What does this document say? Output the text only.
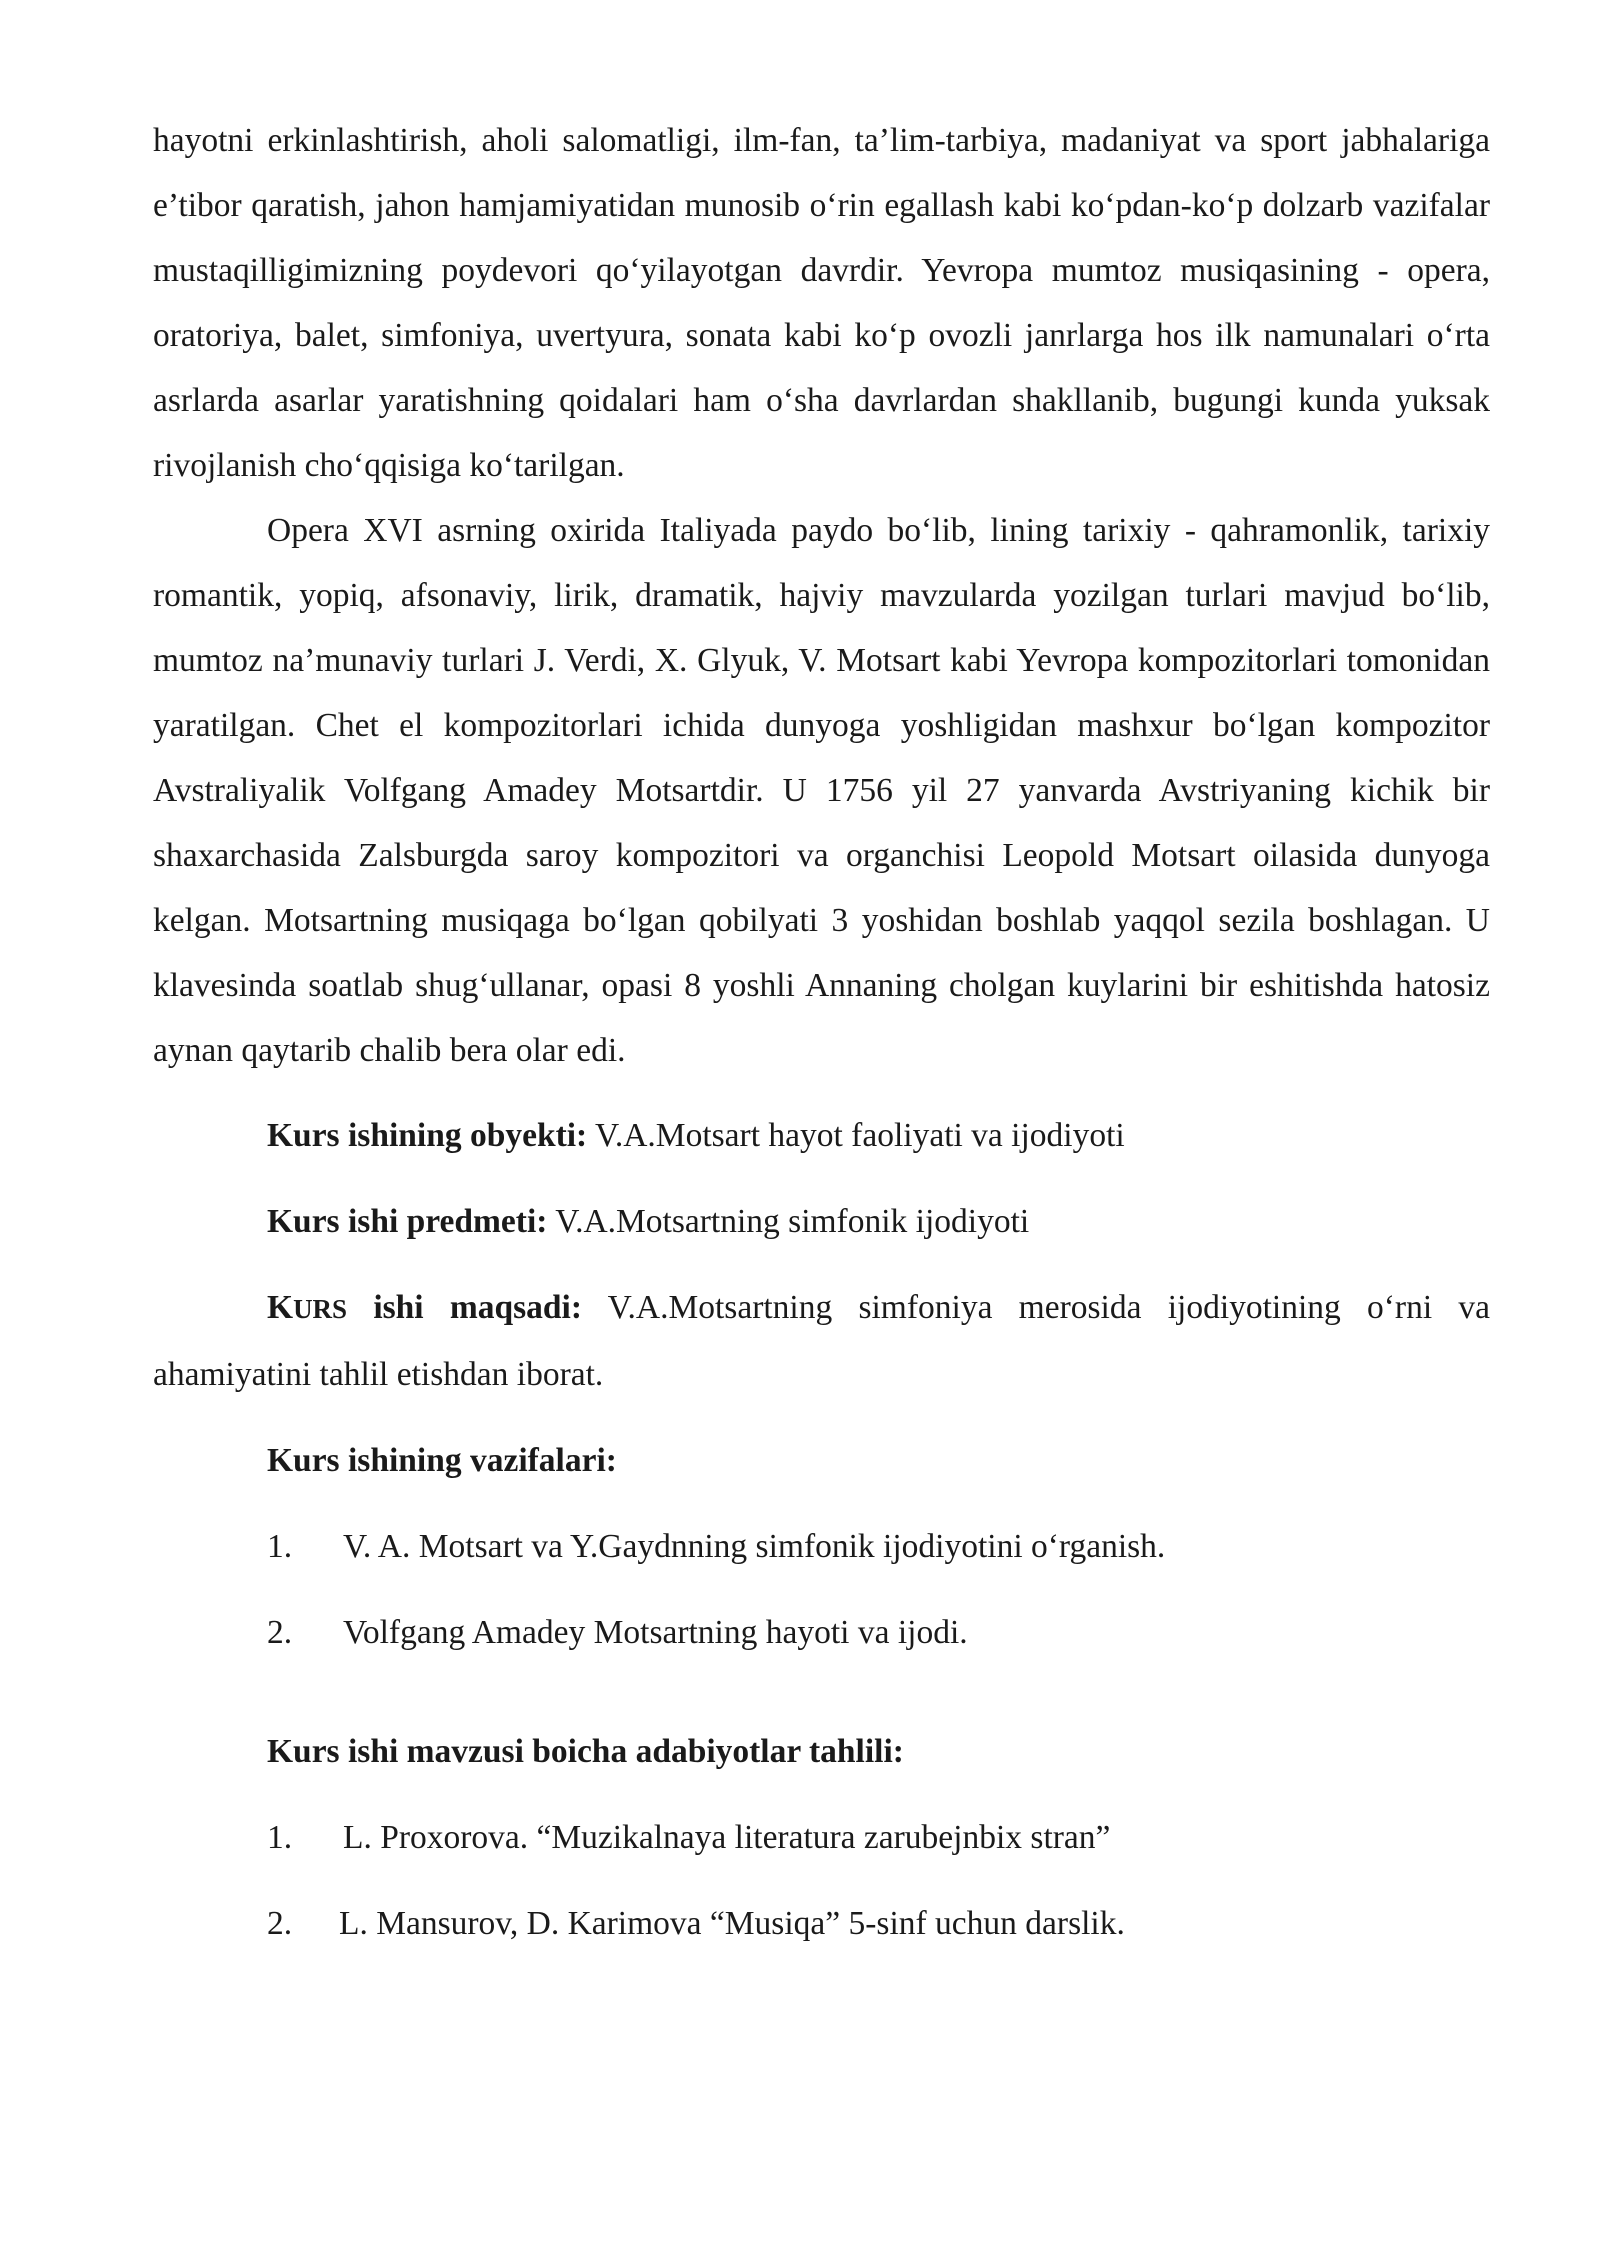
hayotni erkinlashtirish, aholi salomatligi, ilm-fan, ta’lim-tarbiya, madaniyat va sport jabhalariga e’tibor qaratish, jahon hamjamiyatidan munosib o‘rin egallash kabi ko‘pdan-ko‘p dolzarb vazifalar mustaqilligimizning poydevori qo‘yilayotgan davrdir. Yevropa mumtoz musiqasining - opera, oratoriya, balet, simfoniya, uvertyura, sonata kabi ko‘p ovozli janrlarga hos ilk namunalari o‘rta asrlarda asarlar yaratishning qoidalari ham o‘sha davrlardan shakllanib, bugungi kunda yuksak rivojlanish cho‘qqisiga ko‘tarilgan.

Opera XVI asrning oxirida Italiyada paydo bo‘lib, lining tarixiy - qahramonlik, tarixiy romantik, yopiq, afsonaviy, lirik, dramatik, hajviy mavzularda yozilgan turlari mavjud bo‘lib, mumtoz na’munaviy turlari J. Verdi, X. Glyuk, V. Motsart kabi Yevropa kompozitorlari tomonidan yaratilgan. Chet el kompozitorlari ichida dunyoga yoshligidan mashxur bo‘lgan kompozitor Avstraliyalik Volfgang Amadey Motsartdir. U 1756 yil 27 yanvarda Avstriyaning kichik bir shaxarchasida Zalsburgda saroy kompozitori va organchisi Leopold Motsart oilasida dunyoga kelgan. Motsartning musiqaga bo‘lgan qobilyati 3 yoshidan boshlab yaqqol sezila boshlagan. U klavesinda soatlab shug‘ullanar, opasi 8 yoshli Annaning cholgan kuylarini bir eshitishda hatosiz aynan qaytarib chalib bera olar edi.

Kurs ishining obyekti: V.A.Motsart hayot faoliyati va ijodiyoti
Kurs ishi predmeti: V.A.Motsartning simfonik ijodiyoti

KURS ishi maqsadi: V.A.Motsartning simfoniya merosida ijodiyotining o‘rni va ahamiyatini tahlil etishdan iborat.

Kurs ishining vazifalari:
1.	V. A. Motsart va Y.Gaydnning simfonik ijodiyotini o‘rganish.
2.	Volfgang Amadey Motsartning hayoti va ijodi.
Kurs ishi mavzusi boicha adabiyotlar tahlili:
1.	L. Proxorova. “Muzikalnaya literatura zarubejnbix stran”
2.	L. Mansurov, D. Karimova “Musiqa” 5-sinf uchun darslik.
